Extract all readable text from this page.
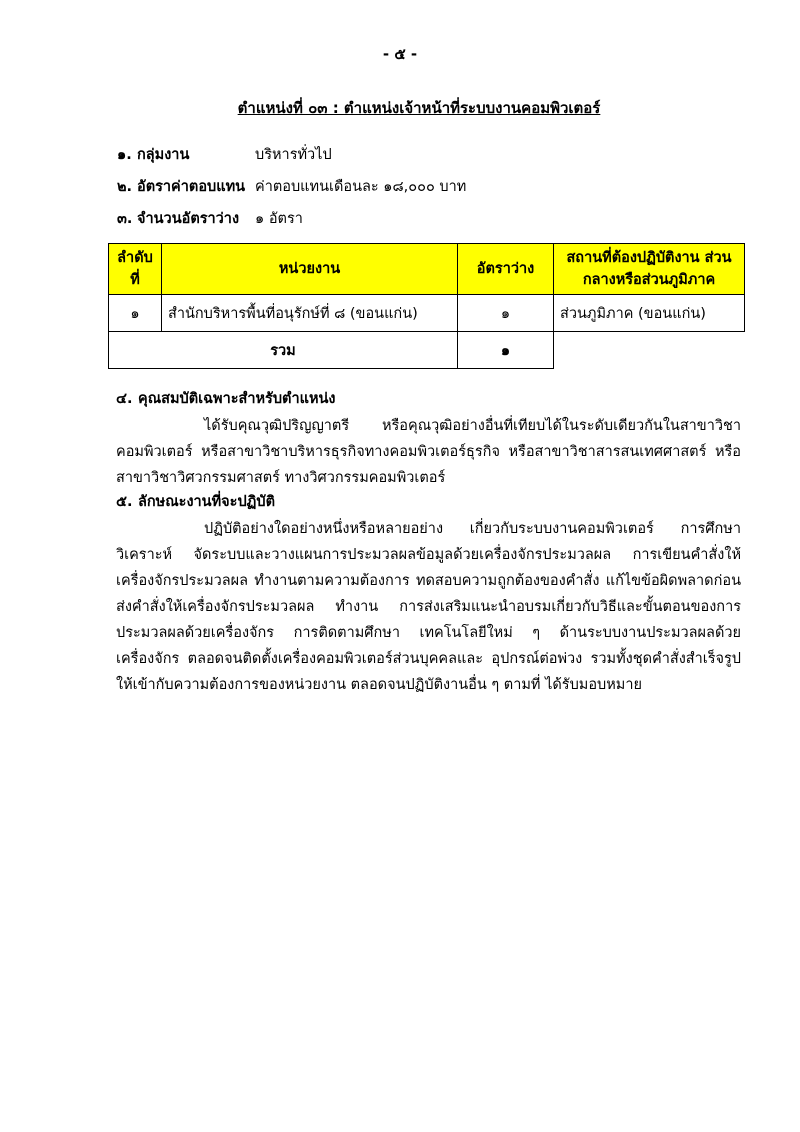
- ๕ -
ตำแหน่งที่ ๐๓ : ตำแหน่งเจ้าหน้าที่ระบบงานคอมพิวเตอร์
๑. กลุ่มงาน	บริหารทั่วไป
๒. อัตราค่าตอบแทน ค่าตอบแทนเดือนละ ๑๘,๐๐๐ บาท
๓. จำนวนอัตราว่าง ๑ อัตรา
ลำดับ ที่	หน่วยงาน	อัตราว่าง	สถานที่ต้องปฏิบัติงาน ส่วนกลางหรือส่วนภูมิภาค
๑	สำนักบริหารพื้นที่อนุรักษ์ที่ ๘ (ขอนแก่น)	๑	ส่วนภูมิภาค (ขอนแก่น)
รวม		๑	
๔. คุณสมบัติเฉพาะสำหรับตำแหน่ง

ได้รับคุณวุฒิปริญญาตรี หรือคุณวุฒิอย่างอื่นที่เทียบได้ในระดับเดียวกันในสาขาวิชาคอมพิวเตอร์ หรือสาขาวิชาบริหารธุรกิจทางคอมพิวเตอร์ธุรกิจ หรือสาขาวิชาสารสนเทศศาสตร์ หรือสาขาวิชาวิศวกรรมศาสตร์ ทางวิศวกรรมคอมพิวเตอร์

๕. ลักษณะงานที่จะปฏิบัติ

ปฏิบัติอย่างใดอย่างหนึ่งหรือหลายอย่าง เกี่ยวกับระบบงานคอมพิวเตอร์ การศึกษาวิเคราะห์ จัดระบบและวางแผนการประมวลผลข้อมูลด้วยเครื่องจักรประมวลผล การเขียนคำสั่งให้เครื่องจักรประมวลผล ทำงานตามความต้องการ ทดสอบความถูกต้องของคำสั่ง แก้ไขข้อผิดพลาดก่อนส่งคำสั่งให้เครื่องจักรประมวลผล ทำงาน การส่งเสริมแนะนำอบรมเกี่ยวกับวิธีและขั้นตอนของการประมวลผลด้วยเครื่องจักร การติดตามศึกษา เทคโนโลยีใหม่ ๆ ด้านระบบงานประมวลผลด้วยเครื่องจักร ตลอดจนติดตั้งเครื่องคอมพิวเตอร์ส่วนบุคคลและ อุปกรณ์ต่อพ่วง รวมทั้งชุดคำสั่งสำเร็จรูปให้เข้ากับความต้องการของหน่วยงาน ตลอดจนปฏิบัติงานอื่น ๆ ตามที่ ได้รับมอบหมาย
